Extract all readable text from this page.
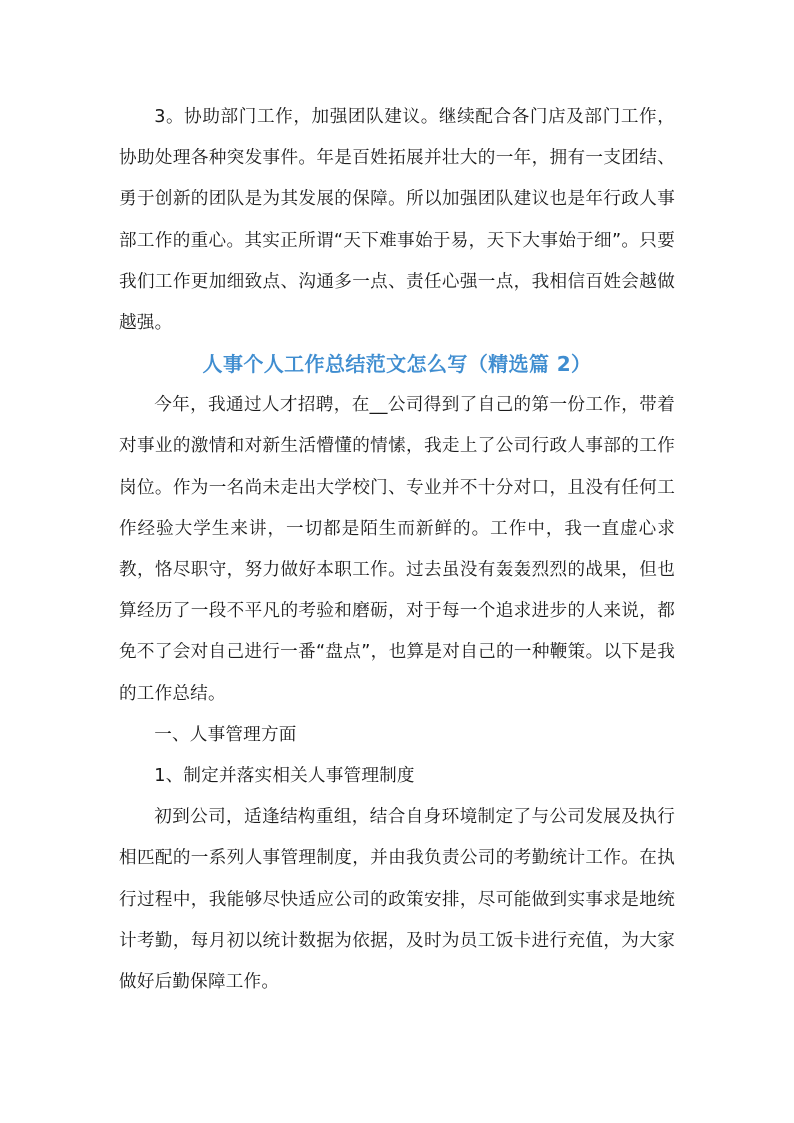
3。协助部门工作，加强团队建议。继续配合各门店及部门工作，协助处理各种突发事件。年是百姓拓展并壮大的一年，拥有一支团结、勇于创新的团队是为其发展的保障。所以加强团队建议也是年行政人事部工作的重心。其实正所谓“天下难事始于易，天下大事始于细”。只要我们工作更加细致点、沟通多一点、责任心强一点，我相信百姓会越做越强。

人事个人工作总结范文怎么写（精选篇 2）

今年，我通过人才招聘，在__公司得到了自己的第一份工作，带着对事业的激情和对新生活懵懂的情愫，我走上了公司行政人事部的工作岗位。作为一名尚未走出大学校门、专业并不十分对口，且没有任何工作经验大学生来讲，一切都是陌生而新鲜的。工作中，我一直虚心求教，恪尽职守，努力做好本职工作。过去虽没有轰轰烈烈的战果，但也算经历了一段不平凡的考验和磨砺，对于每一个追求进步的人来说，都免不了会对自己进行一番“盘点”，也算是对自己的一种鞭策。以下是我的工作总结。

一、人事管理方面

1、制定并落实相关人事管理制度

初到公司，适逢结构重组，结合自身环境制定了与公司发展及执行相匹配的一系列人事管理制度，并由我负责公司的考勤统计工作。在执行过程中，我能够尽快适应公司的政策安排，尽可能做到实事求是地统计考勤，每月初以统计数据为依据，及时为员工饭卡进行充值，为大家做好后勤保障工作。
